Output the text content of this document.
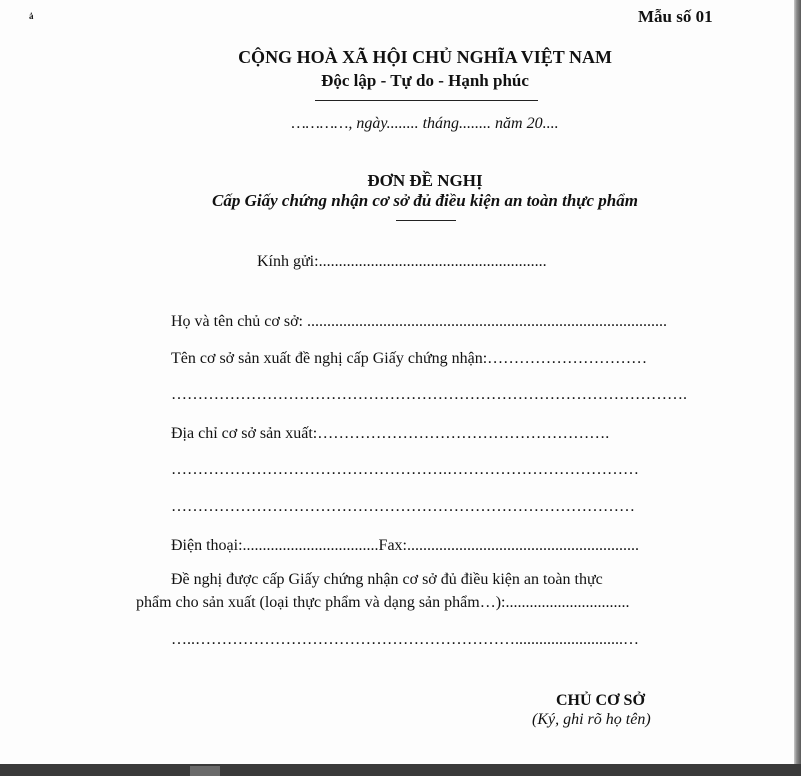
ȧ	Mẫu số 01
CỘNG HOÀ XÃ HỘI CHỦ NGHĨA VIỆT NAM
Độc lập - Tự do - Hạnh phúc
…………, ngày........ tháng........ năm 20....
ĐƠN ĐỀ NGHỊ
Cấp Giấy chứng nhận cơ sở đủ điều kiện an toàn thực phẩm
Kính gửi:.........................................................
Họ và tên chủ cơ sở: ..........................................................................................
Tên cơ sở sản xuất đề nghị cấp Giấy chứng nhận:…………………………
…………………………………………………………………………………….
Địa chỉ cơ sở sản xuất:……………………………………………….
…………………………………………….………………………………
……………………………………………………………………………
Điện thoại:..................................Fax:..........................................................
Đề nghị được cấp Giấy chứng nhận cơ sở đủ điều kiện an toàn thực
phẩm cho sản xuất (loại thực phẩm và dạng sản phẩm…):...............................
…..……………………………………………………...........................…
CHỦ CƠ SỞ
(Ký, ghi rõ họ tên)
